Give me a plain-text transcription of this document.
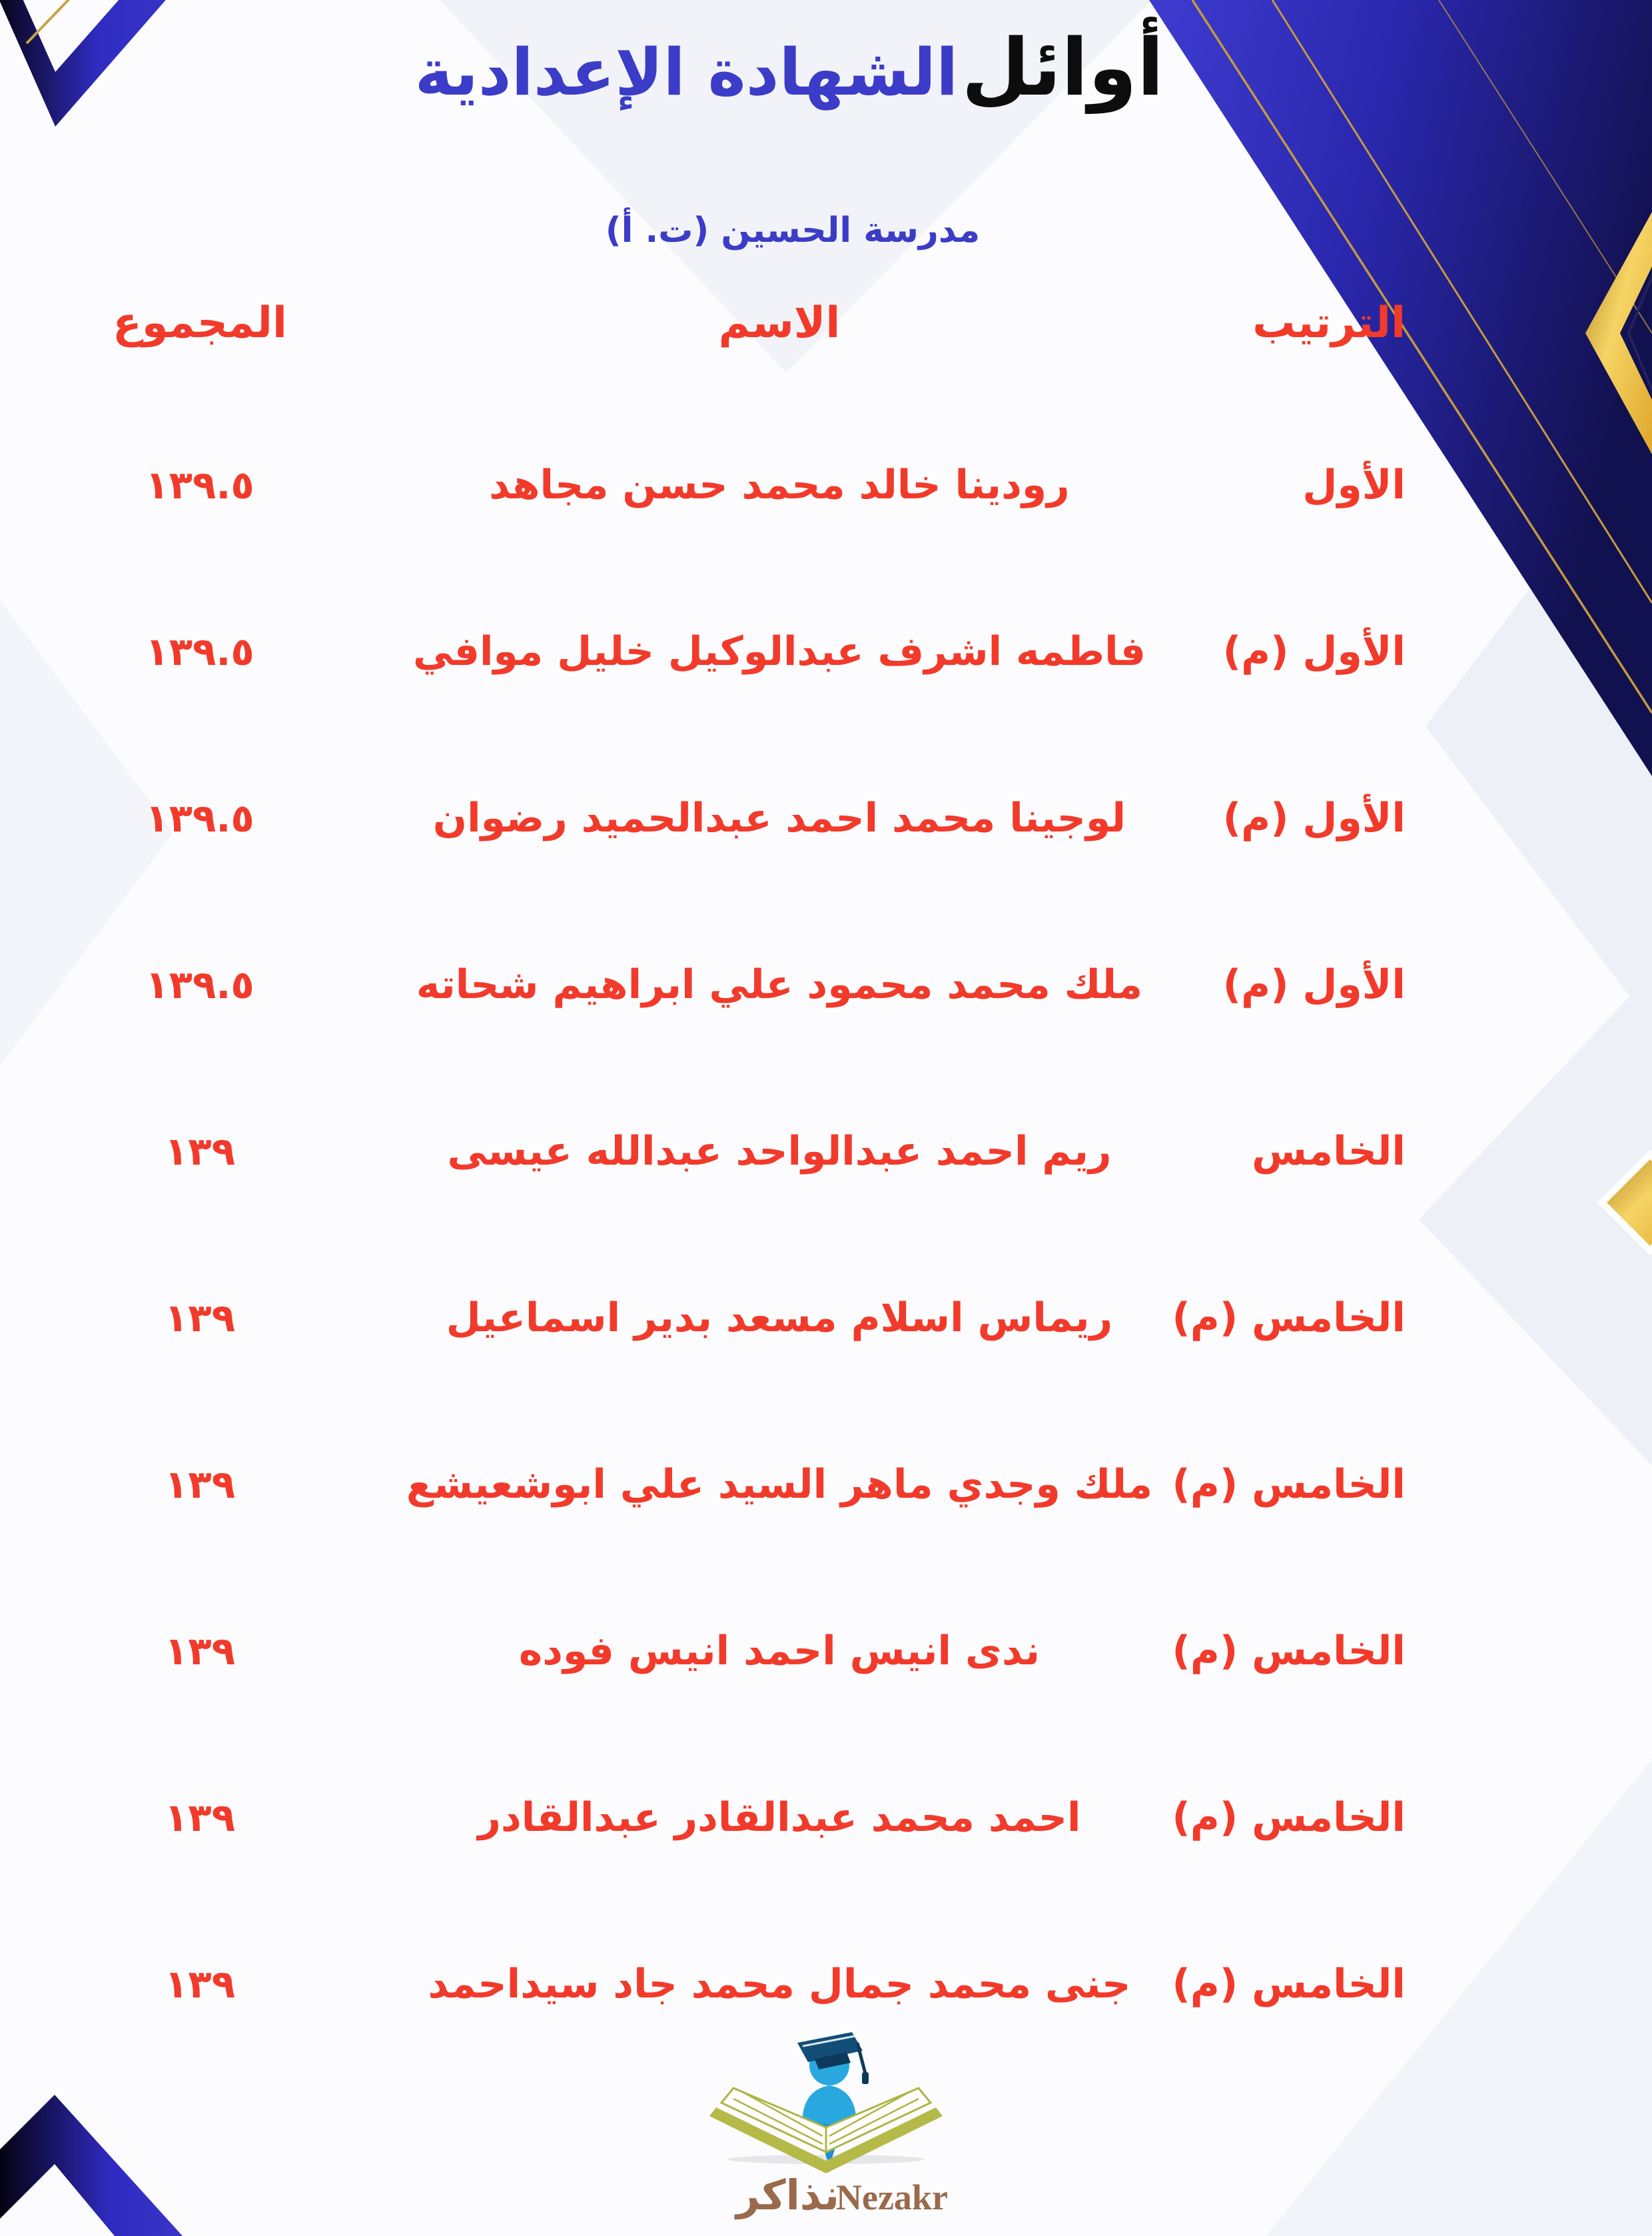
أوائل الشهادة الإعدادية
مدرسة الحسين (ت. أ)
الترتيب
الاسم
المجموع
الأول
رودينا خالد محمد حسن مجاهد
١٣٩.٥
الأول (م)
فاطمه اشرف عبدالوكيل خليل موافي
١٣٩.٥
الأول (م)
لوجينا محمد احمد عبدالحميد رضوان
١٣٩.٥
الأول (م)
ملك محمد محمود علي ابراهيم شحاته
١٣٩.٥
الخامس
ريم احمد عبدالواحد عبدالله عيسى
١٣٩
الخامس (م)
ريماس اسلام مسعد بدير اسماعيل
١٣٩
الخامس (م)
ملك وجدي ماهر السيد علي ابوشعيشع
١٣٩
الخامس (م)
ندى انيس احمد انيس فوده
١٣٩
الخامس (م)
احمد محمد عبدالقادر عبدالقادر
١٣٩
الخامس (م)
جنى محمد جمال محمد جاد سيداحمد
١٣٩
Nezakr
نذاكر
